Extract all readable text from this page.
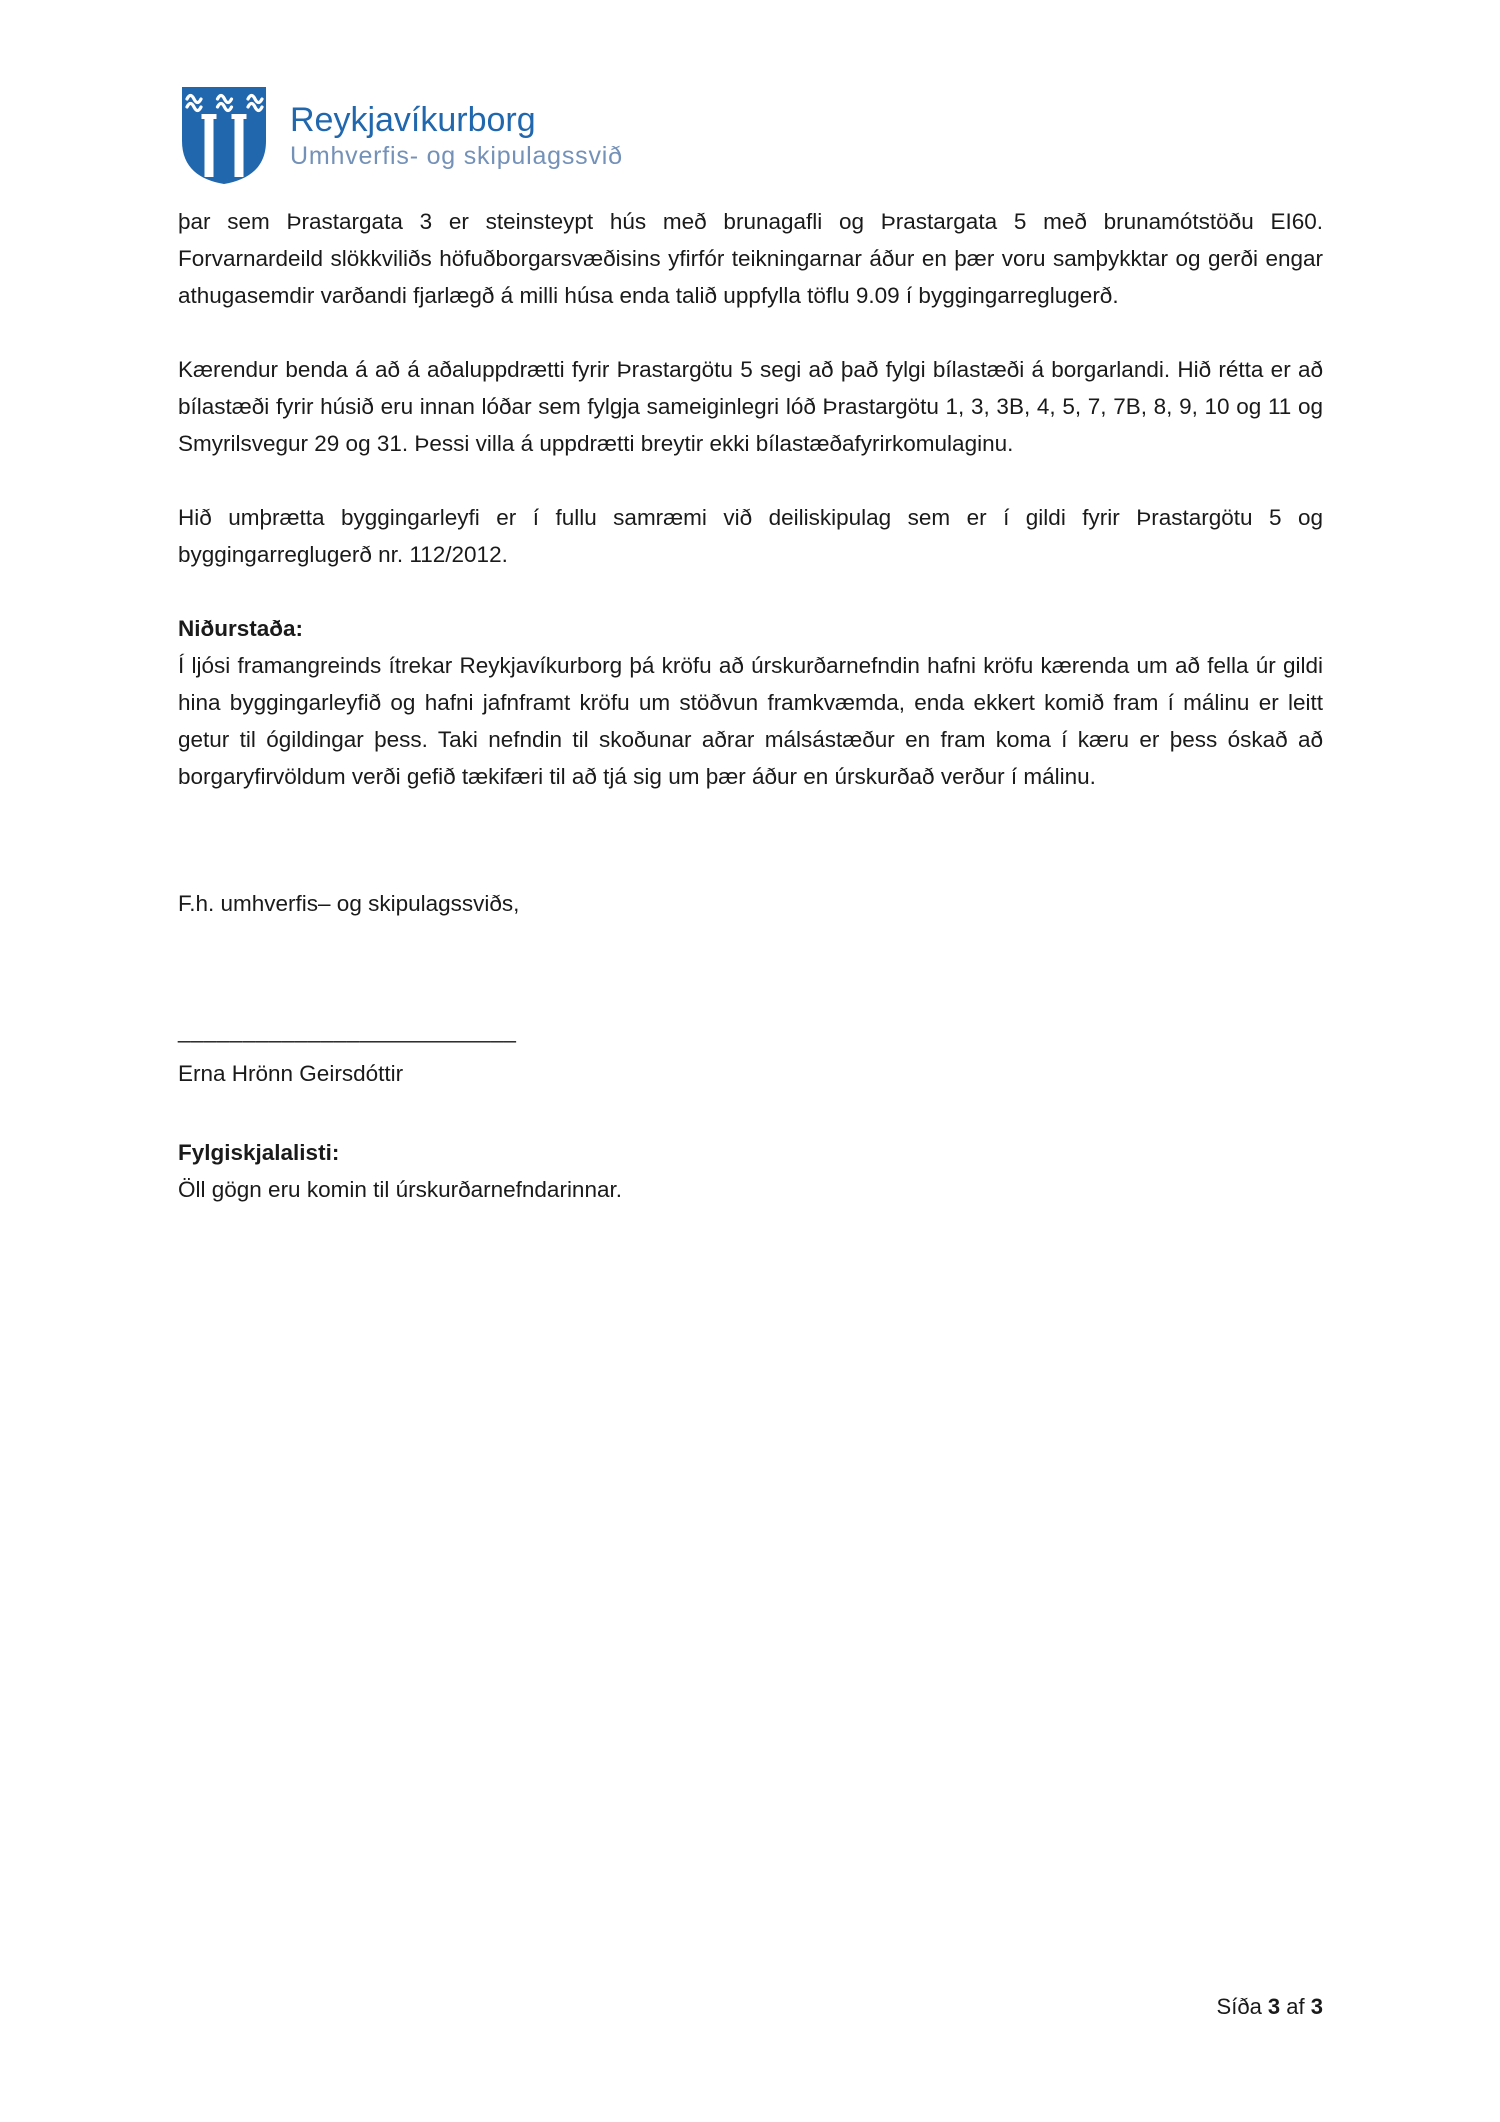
Reykjavíkurborg
Umhverfis- og skipulagssvið

þar sem Þrastargata 3 er steinsteypt hús með brunagafli og Þrastargata 5 með brunamótstöðu EI60. Forvarnardeild slökkviliðs höfuðborgarsvæðisins yfirfór teikningarnar áður en þær voru samþykktar og gerði engar athugasemdir varðandi fjarlægð á milli húsa enda talið uppfylla töflu 9.09 í byggingarreglugerð.

Kærendur benda á að á aðaluppdrætti fyrir Þrastargötu 5 segi að það fylgi bílastæði á borgarlandi. Hið rétta er að bílastæði fyrir húsið eru innan lóðar sem fylgja sameiginlegri lóð Þrastargötu 1, 3, 3B, 4, 5, 7, 7B, 8, 9, 10 og 11 og Smyrilsvegur 29 og 31. Þessi villa á uppdrætti breytir ekki bílastæðafyrirkomulaginu.

Hið umþrætta byggingarleyfi er í fullu samræmi við deiliskipulag sem er í gildi fyrir Þrastargötu 5 og byggingarreglugerð nr. 112/2012.

Niðurstaða:

Í ljósi framangreinds ítrekar Reykjavíkurborg þá kröfu að úrskurðarnefndin hafni kröfu kærenda um að fella úr gildi hina byggingarleyfið og hafni jafnframt kröfu um stöðvun framkvæmda, enda ekkert komið fram í málinu er leitt getur til ógildingar þess. Taki nefndin til skoðunar aðrar málsástæður en fram koma í kæru er þess óskað að borgaryfirvöldum verði gefið tækifæri til að tjá sig um þær áður en úrskurðað verður í málinu.

F.h. umhverfis– og skipulagssviðs,

__________________________
Erna Hrönn Geirsdóttir
Fylgiskjalalisti:

Öll gögn eru komin til úrskurðarnefndarinnar.

Síða 3 af 3
